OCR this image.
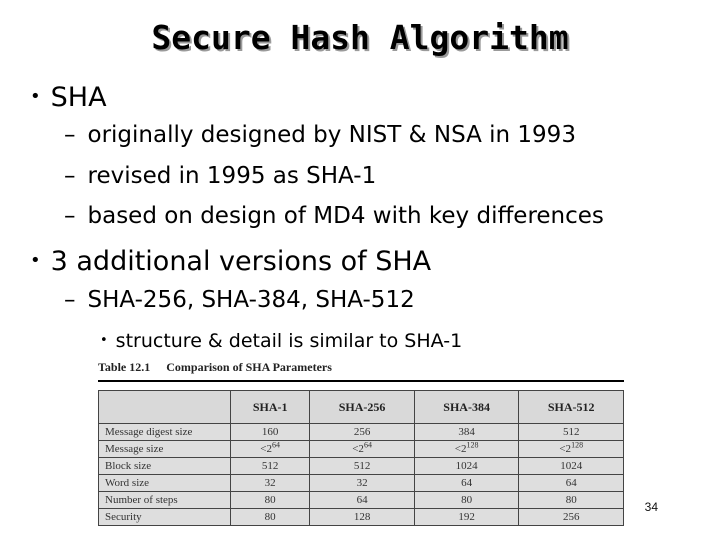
Secure Hash Algorithm
• SHA
– originally designed by NIST & NSA in 1993
– revised in 1995 as SHA-1
– based on design of MD4 with key differences
• 3 additional versions of SHA
– SHA-256, SHA-384, SHA-512
• structure & detail is similar to SHA-1
Table 12.1 Comparison of SHA Parameters
	SHA-1	SHA-256	SHA-384	SHA-512
Message digest size	160	256	384	512
Message size	$<2^{64}$	$<2^{64}$	$<2^{128}$	$<2^{128}$
Block size	512	512	1024	1024
Word size	32	32	64	64
Number of steps	80	64	80	80
Security	80	128	192	256
34
